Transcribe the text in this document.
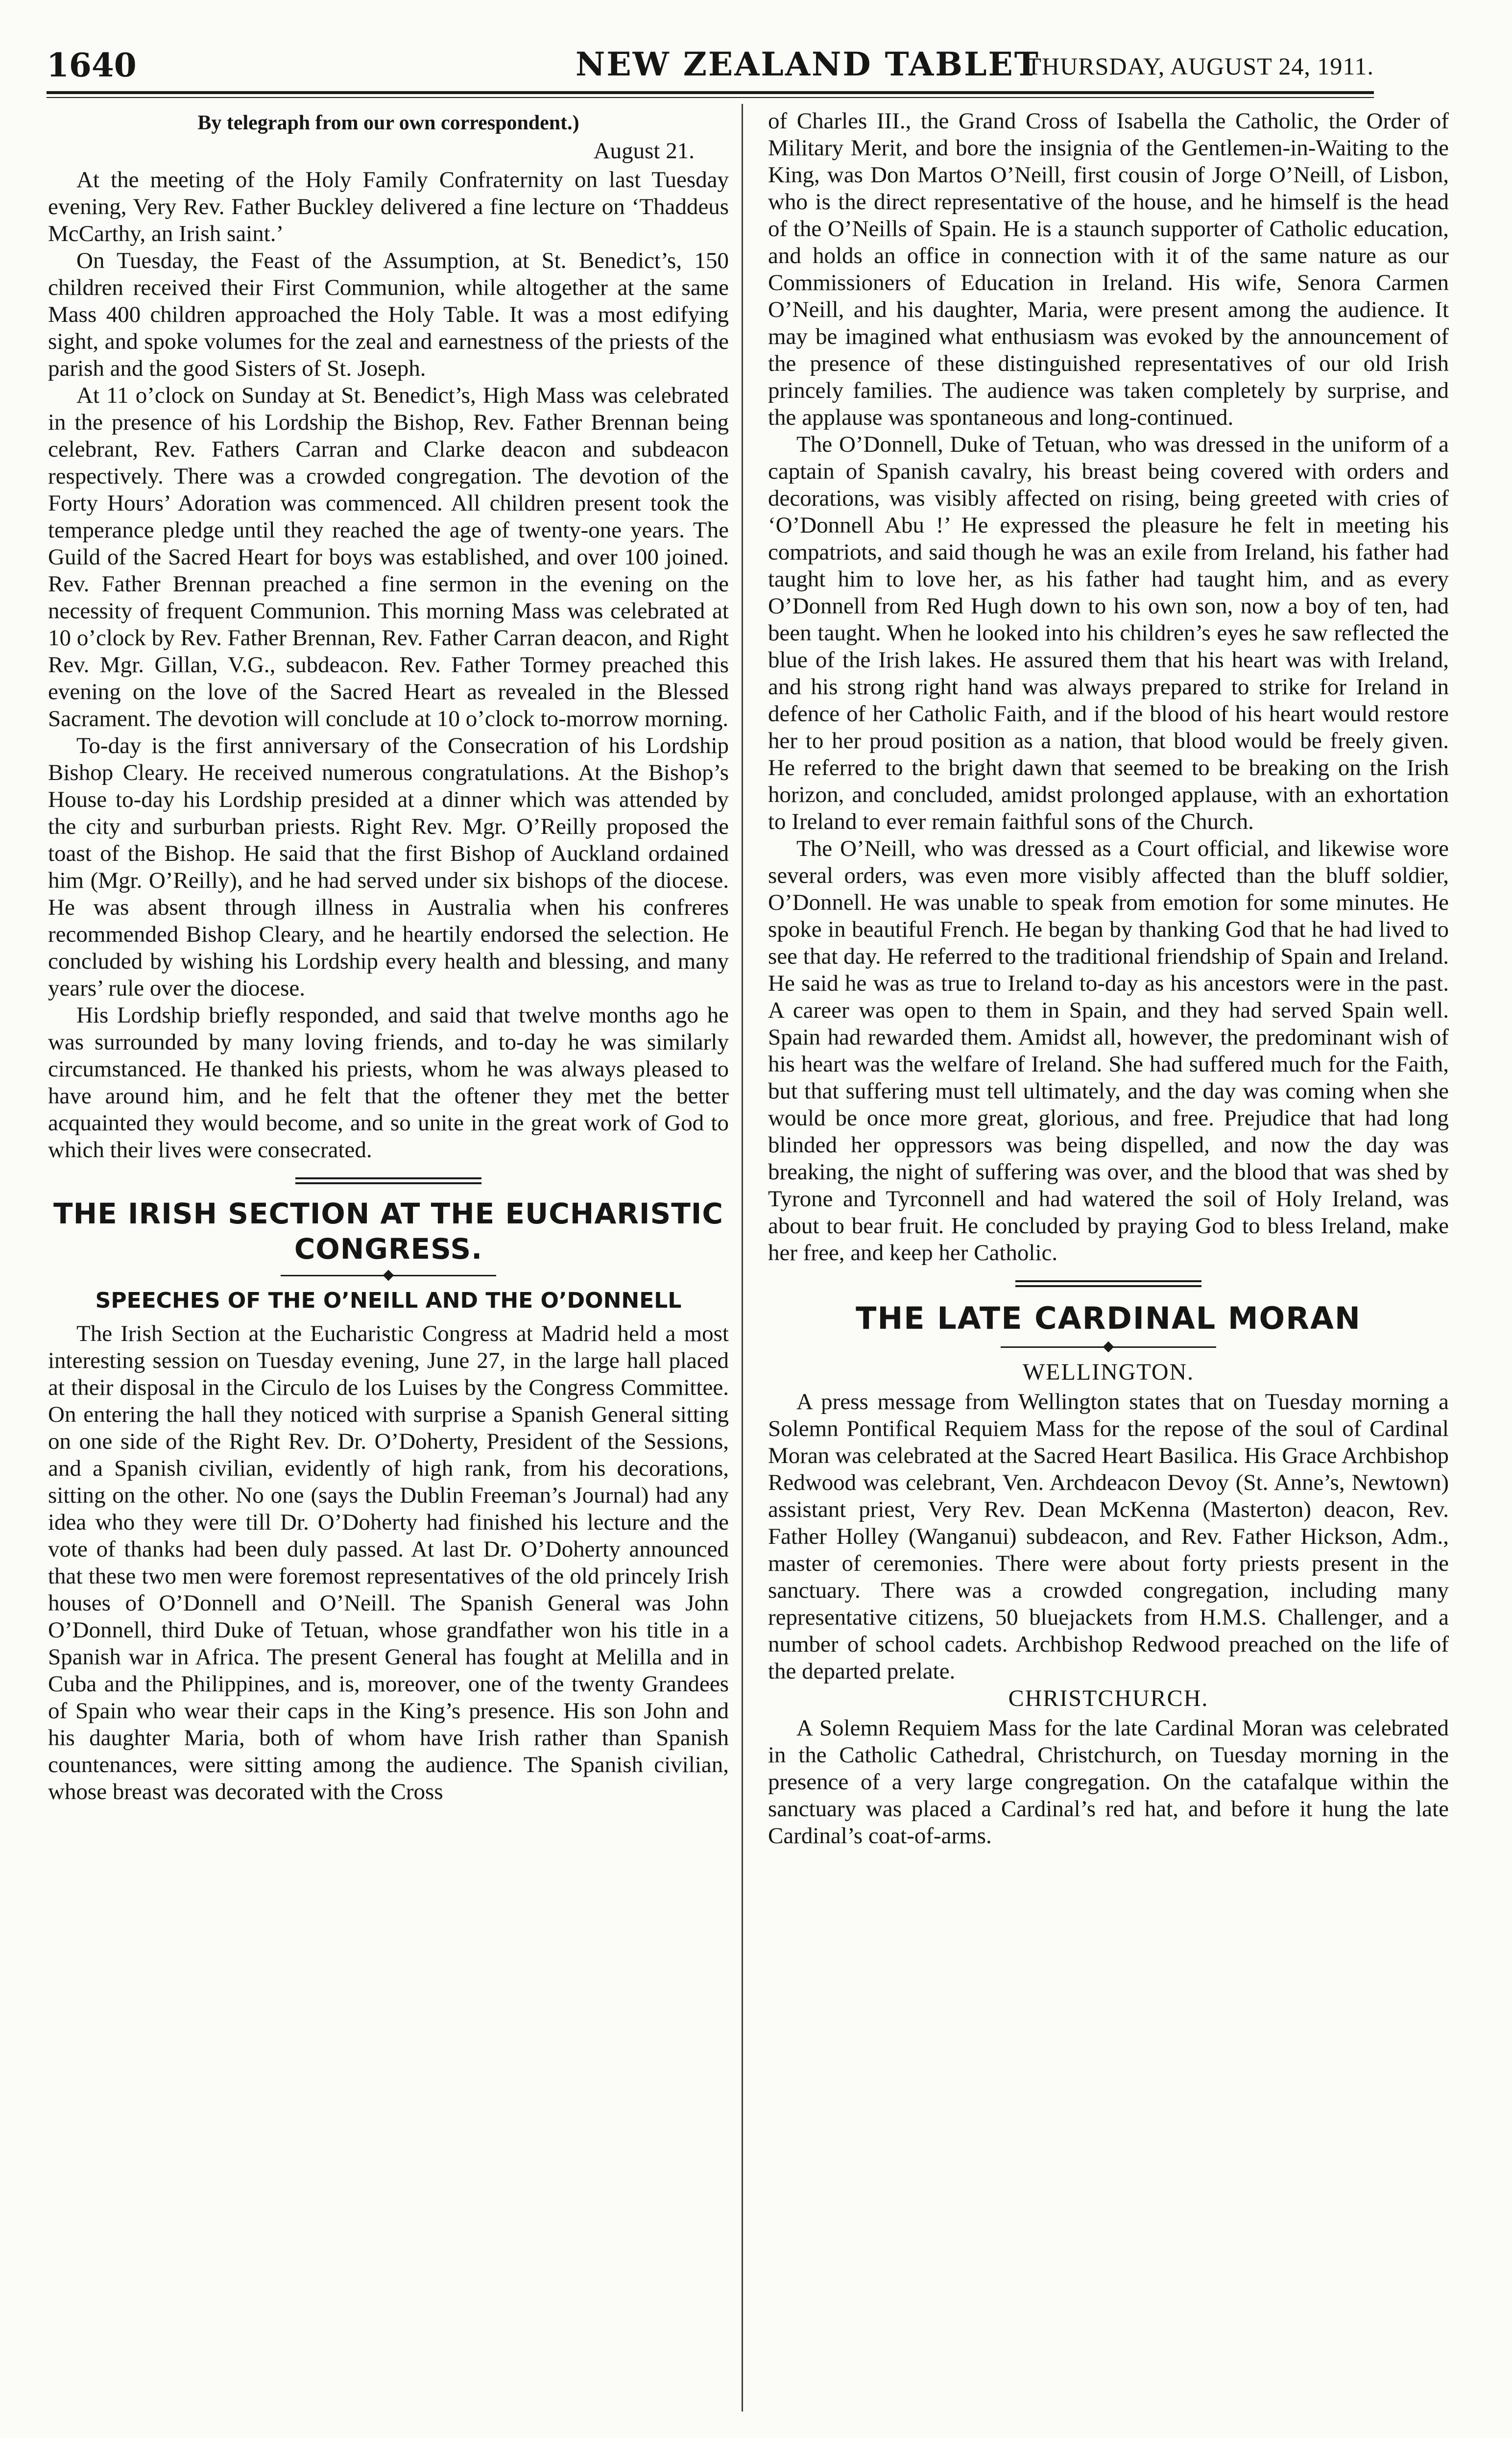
1640	NEW ZEALAND TABLET
THURSDAY, AUGUST 24, 1911.
By telegraph from our own correspondent.)
August 21.

At the meeting of the Holy Family Confraternity on last Tuesday evening, Very Rev. Father Buckley delivered a fine lecture on ‘Thaddeus McCarthy, an Irish saint.’

On Tuesday, the Feast of the Assumption, at St. Benedict’s, 150 children received their First Communion, while altogether at the same Mass 400 children approached the Holy Table. It was a most edifying sight, and spoke volumes for the zeal and earnestness of the priests of the parish and the good Sisters of St. Joseph.

At 11 o’clock on Sunday at St. Benedict’s, High Mass was celebrated in the presence of his Lordship the Bishop, Rev. Father Brennan being celebrant, Rev. Fathers Carran and Clarke deacon and subdeacon respectively. There was a crowded congregation. The devotion of the Forty Hours’ Adoration was commenced. All children present took the temperance pledge until they reached the age of twenty-one years. The Guild of the Sacred Heart for boys was established, and over 100 joined. Rev. Father Brennan preached a fine sermon in the evening on the necessity of frequent Communion. This morning Mass was celebrated at 10 o’clock by Rev. Father Brennan, Rev. Father Carran deacon, and Right Rev. Mgr. Gillan, V.G., subdeacon. Rev. Father Tormey preached this evening on the love of the Sacred Heart as revealed in the Blessed Sacrament. The devotion will conclude at 10 o’clock to-morrow morning.

To-day is the first anniversary of the Consecration of his Lordship Bishop Cleary. He received numerous congratulations. At the Bishop’s House to-day his Lordship presided at a dinner which was attended by the city and surburban priests. Right Rev. Mgr. O’Reilly proposed the toast of the Bishop. He said that the first Bishop of Auckland ordained him (Mgr. O’Reilly), and he had served under six bishops of the diocese. He was absent through illness in Australia when his confreres recommended Bishop Cleary, and he heartily endorsed the selection. He concluded by wishing his Lordship every health and blessing, and many years’ rule over the diocese.

His Lordship briefly responded, and said that twelve months ago he was surrounded by many loving friends, and to-day he was similarly circumstanced. He thanked his priests, whom he was always pleased to have around him, and he felt that the oftener they met the better acquainted they would become, and so unite in the great work of God to which their lives were consecrated.

THE IRISH SECTION AT THE EUCHARISTIC CONGRESS.
SPEECHES OF THE O’NEILL AND THE O’DONNELL

The Irish Section at the Eucharistic Congress at Madrid held a most interesting session on Tuesday evening, June 27, in the large hall placed at their disposal in the Circulo de los Luises by the Congress Committee. On entering the hall they noticed with surprise a Spanish General sitting on one side of the Right Rev. Dr. O’Doherty, President of the Sessions, and a Spanish civilian, evidently of high rank, from his decorations, sitting on the other. No one (says the Dublin Freeman’s Journal) had any idea who they were till Dr. O’Doherty had finished his lecture and the vote of thanks had been duly passed. At last Dr. O’Doherty announced that these two men were foremost representatives of the old princely Irish houses of O’Donnell and O’Neill. The Spanish General was John O’Donnell, third Duke of Tetuan, whose grandfather won his title in a Spanish war in Africa. The present General has fought at Melilla and in Cuba and the Philippines, and is, moreover, one of the twenty Grandees of Spain who wear their caps in the King’s presence. His son John and his daughter Maria, both of whom have Irish rather than Spanish countenances, were sitting among the audience. The Spanish civilian, whose breast was decorated with the Cross

of Charles III., the Grand Cross of Isabella the Catholic, the Order of Military Merit, and bore the insignia of the Gentlemen-in-Waiting to the King, was Don Martos O’Neill, first cousin of Jorge O’Neill, of Lisbon, who is the direct representative of the house, and he himself is the head of the O’Neills of Spain. He is a staunch supporter of Catholic education, and holds an office in connection with it of the same nature as our Commissioners of Education in Ireland. His wife, Senora Carmen O’Neill, and his daughter, Maria, were present among the audience. It may be imagined what enthusiasm was evoked by the announcement of the presence of these distinguished representatives of our old Irish princely families. The audience was taken completely by surprise, and the applause was spontaneous and long-continued.

The O’Donnell, Duke of Tetuan, who was dressed in the uniform of a captain of Spanish cavalry, his breast being covered with orders and decorations, was visibly affected on rising, being greeted with cries of ‘O’Donnell Abu !’ He expressed the pleasure he felt in meeting his compatriots, and said though he was an exile from Ireland, his father had taught him to love her, as his father had taught him, and as every O’Donnell from Red Hugh down to his own son, now a boy of ten, had been taught. When he looked into his children’s eyes he saw reflected the blue of the Irish lakes. He assured them that his heart was with Ireland, and his strong right hand was always prepared to strike for Ireland in defence of her Catholic Faith, and if the blood of his heart would restore her to her proud position as a nation, that blood would be freely given. He referred to the bright dawn that seemed to be breaking on the Irish horizon, and concluded, amidst prolonged applause, with an exhortation to Ireland to ever remain faithful sons of the Church.

The O’Neill, who was dressed as a Court official, and likewise wore several orders, was even more visibly affected than the bluff soldier, O’Donnell. He was unable to speak from emotion for some minutes. He spoke in beautiful French. He began by thanking God that he had lived to see that day. He referred to the traditional friendship of Spain and Ireland. He said he was as true to Ireland to-day as his ancestors were in the past. A career was open to them in Spain, and they had served Spain well. Spain had rewarded them. Amidst all, however, the predominant wish of his heart was the welfare of Ireland. She had suffered much for the Faith, but that suffering must tell ultimately, and the day was coming when she would be once more great, glorious, and free. Prejudice that had long blinded her oppressors was being dispelled, and now the day was breaking, the night of suffering was over, and the blood that was shed by Tyrone and Tyrconnell and had watered the soil of Holy Ireland, was about to bear fruit. He concluded by praying God to bless Ireland, make her free, and keep her Catholic.

THE LATE CARDINAL MORAN
WELLINGTON.

A press message from Wellington states that on Tuesday morning a Solemn Pontifical Requiem Mass for the repose of the soul of Cardinal Moran was celebrated at the Sacred Heart Basilica. His Grace Archbishop Redwood was celebrant, Ven. Archdeacon Devoy (St. Anne’s, Newtown) assistant priest, Very Rev. Dean McKenna (Masterton) deacon, Rev. Father Holley (Wanganui) subdeacon, and Rev. Father Hickson, Adm., master of ceremonies. There were about forty priests present in the sanctuary. There was a crowded congregation, including many representative citizens, 50 bluejackets from H.M.S. Challenger, and a number of school cadets. Archbishop Redwood preached on the life of the departed prelate.

CHRISTCHURCH.

A Solemn Requiem Mass for the late Cardinal Moran was celebrated in the Catholic Cathedral, Christchurch, on Tuesday morning in the presence of a very large congregation. On the catafalque within the sanctuary was placed a Cardinal’s red hat, and before it hung the late Cardinal’s coat-of-arms.
